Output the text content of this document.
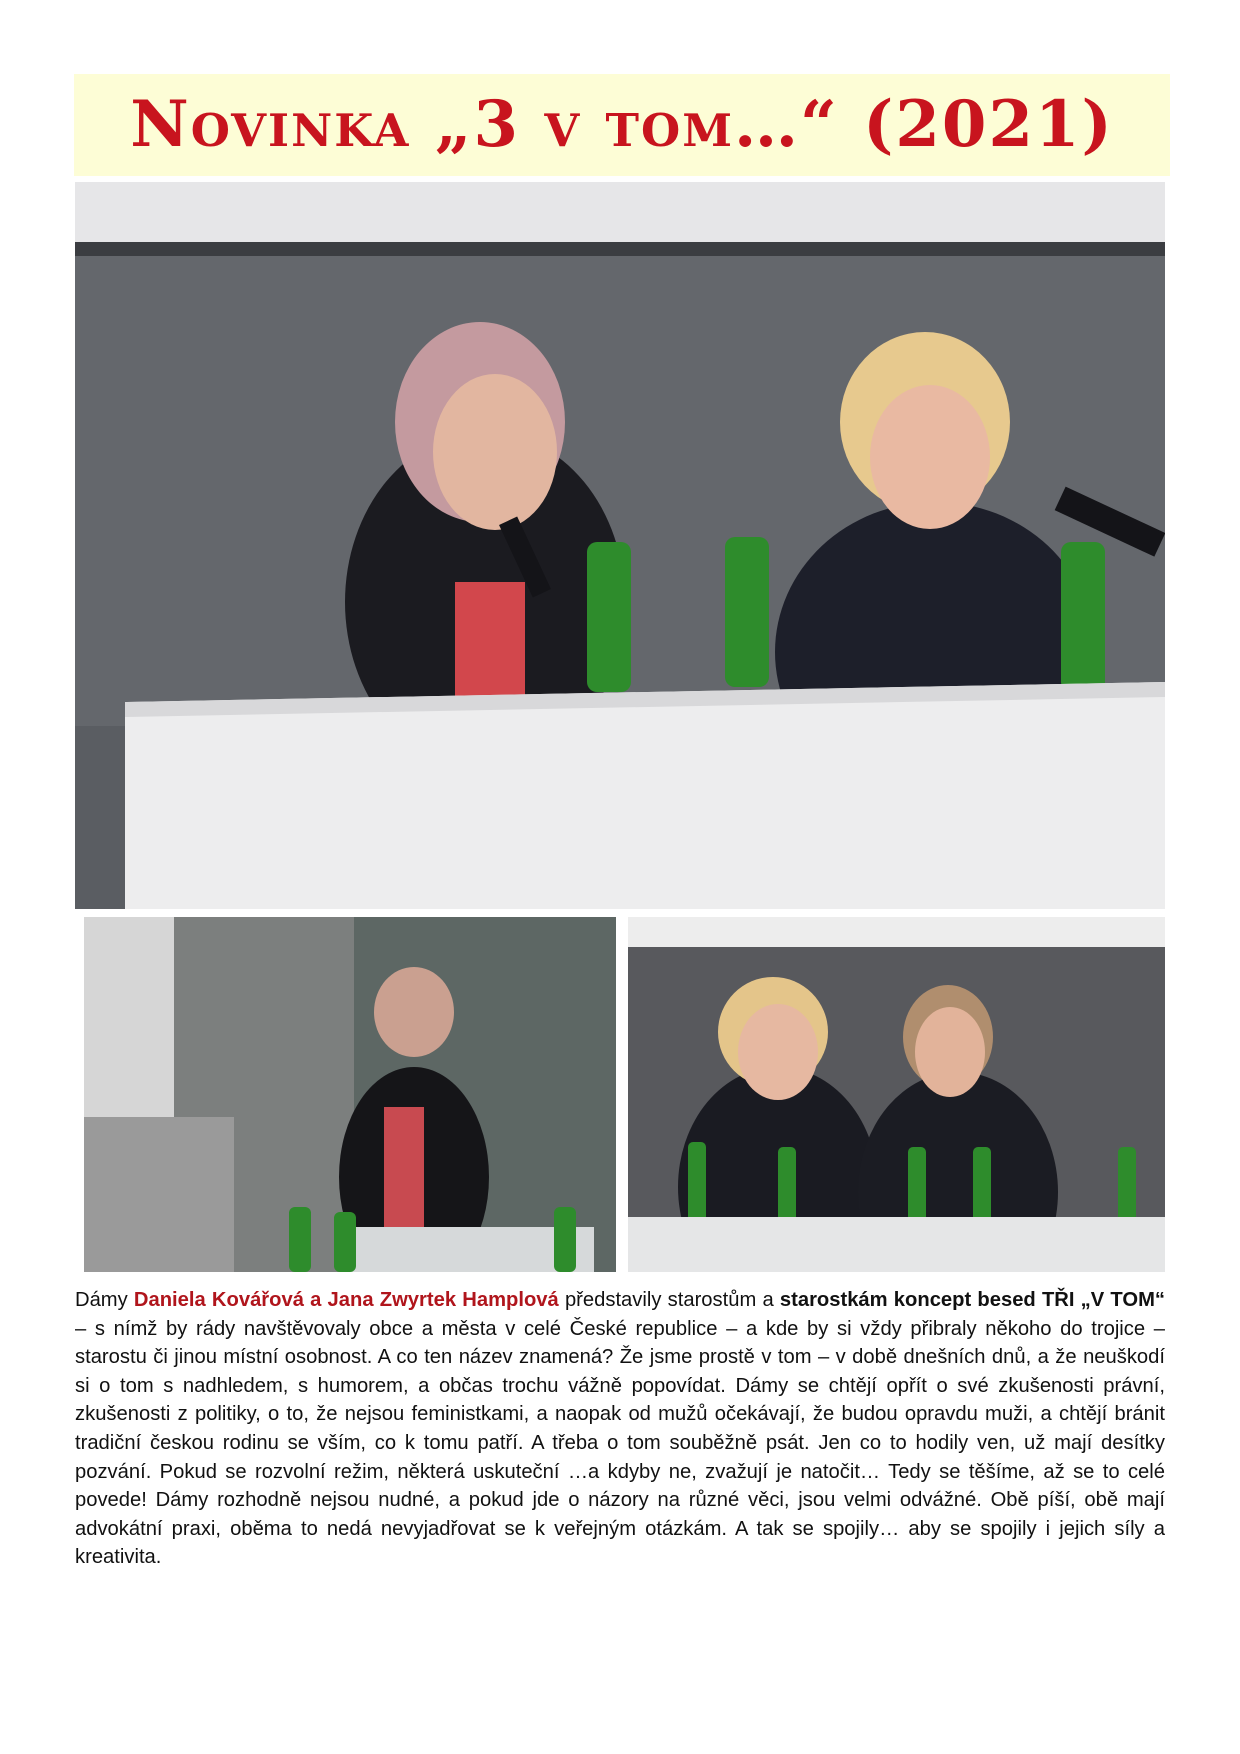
Novinka „3 v tom…“ (2021)

Dámy Daniela Kovářová a Jana Zwyrtek Hamplová představily starostům a starostkám koncept besed TŘI „V TOM“ – s nímž by rády navštěvovaly obce a města v celé České republice – a kde by si vždy přibraly někoho do trojice – starostu či jinou místní osobnost. A co ten název znamená? Že jsme prostě v tom – v době dnešních dnů, a že neuškodí si o tom s nadhledem, s humorem, a občas trochu vážně popovídat. Dámy se chtějí opřít o své zkušenosti právní, zkušenosti z politiky, o to, že nejsou feministkami, a naopak od mužů očekávají, že budou opravdu muži, a chtějí bránit tradiční českou rodinu se vším, co k tomu patří. A třeba o tom souběžně psát. Jen co to hodily ven, už mají desítky pozvání. Pokud se rozvolní režim, některá uskuteční …a kdyby ne, zvažují je natočit… Tedy se těšíme, až se to celé povede! Dámy rozhodně nejsou nudné, a pokud jde o názory na různé věci, jsou velmi odvážné. Obě píší, obě mají advokátní praxi, oběma to nedá nevyjadřovat se k veřejným otázkám. A tak se spojily… aby se spojily i jejich síly a kreativita.
